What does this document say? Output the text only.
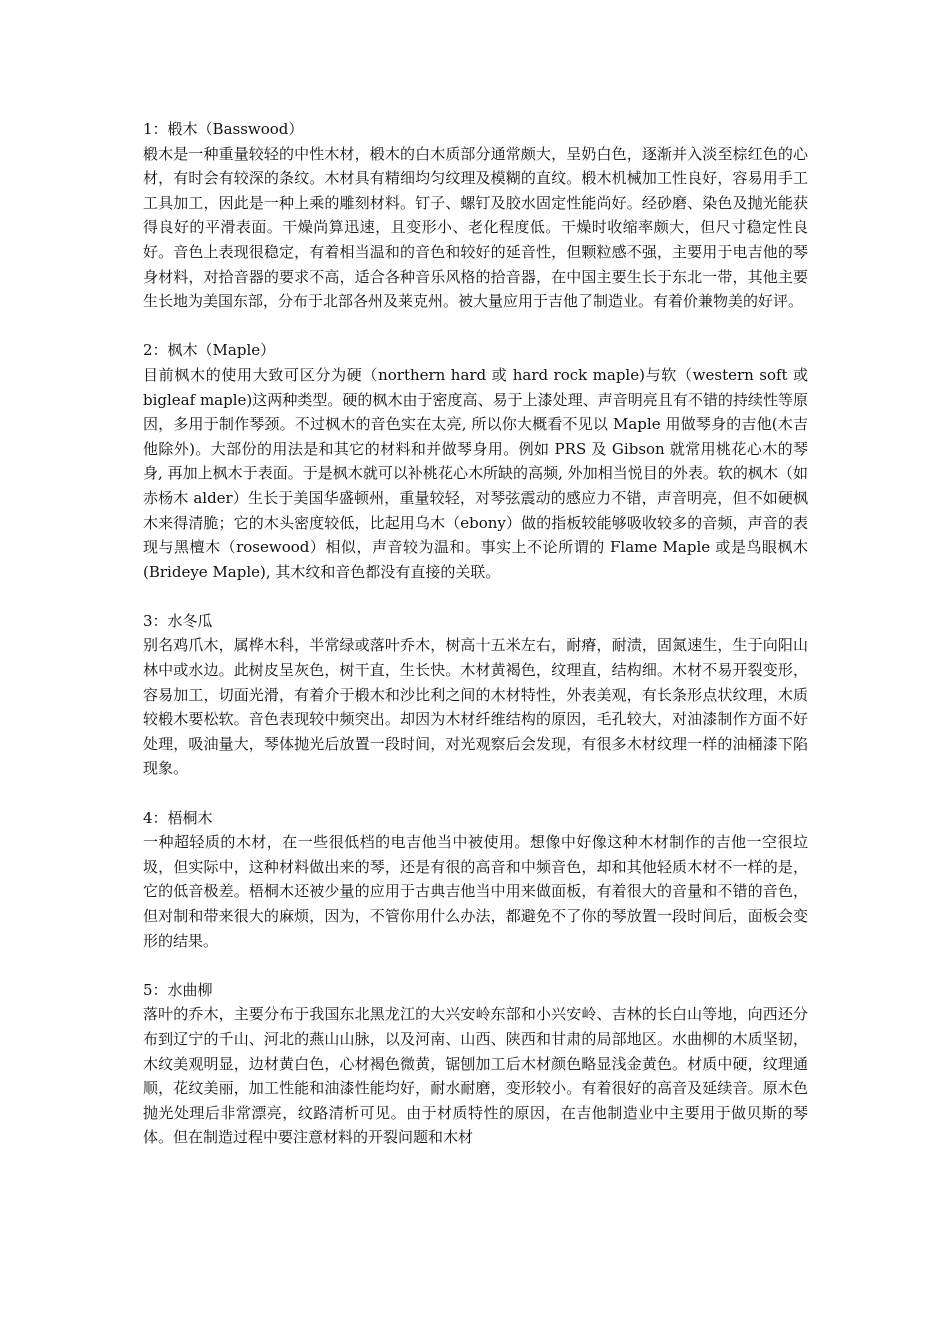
1：椴木（Basswood）

椴木是一种重量较轻的中性木材，椴木的白木质部分通常颇大，呈奶白色，逐渐并入淡至棕红色的心材，有时会有较深的条纹。木材具有精细均匀纹理及模糊的直纹。椴木机械加工性良好，容易用手工工具加工，因此是一种上乘的雕刻材料。钉子、螺钉及胶水固定性能尚好。经砂磨、染色及抛光能获得良好的平滑表面。干燥尚算迅速，且变形小、老化程度低。干燥时收缩率颇大，但尺寸稳定性良好。音色上表现很稳定，有着相当温和的音色和较好的延音性，但颗粒感不强，主要用于电吉他的琴身材料，对拾音器的要求不高，适合各种音乐风格的拾音器，在中国主要生长于东北一带，其他主要生长地为美国东部，分布于北部各州及莱克州。被大量应用于吉他了制造业。有着价兼物美的好评。

2：枫木（Maple）

目前枫木的使用大致可区分为硬（northern hard 或 hard rock maple)与软（western soft 或 bigleaf maple)这两种类型。硬的枫木由于密度高、易于上漆处理、声音明亮且有不错的持续性等原因，多用于制作琴颈。不过枫木的音色实在太亮, 所以你大概看不见以 Maple 用做琴身的吉他(木吉他除外)。大部份的用法是和其它的材料和并做琴身用。例如 PRS 及 Gibson 就常用桃花心木的琴身, 再加上枫木于表面。于是枫木就可以补桃花心木所缺的高频, 外加相当悦目的外表。软的枫木（如赤杨木 alder）生长于美国华盛顿州，重量较轻，对琴弦震动的感应力不错，声音明亮，但不如硬枫木来得清脆；它的木头密度较低，比起用乌木（ebony）做的指板较能够吸收较多的音频，声音的表现与黑檀木（rosewood）相似，声音较为温和。事实上不论所谓的 Flame Maple 或是鸟眼枫木 (Brideye Maple), 其木纹和音色都没有直接的关联。

3：水冬瓜

别名鸡爪木，属桦木科，半常绿或落叶乔木，树高十五米左右，耐瘠，耐渍，固氮速生，生于向阳山林中或水边。此树皮呈灰色，树干直，生长快。木材黄褐色，纹理直，结构细。木材不易开裂变形，容易加工，切面光滑，有着介于椴木和沙比利之间的木材特性，外表美观，有长条形点状纹理，木质较椴木要松软。音色表现较中频突出。却因为木材纤维结构的原因，毛孔较大，对油漆制作方面不好处理，吸油量大，琴体抛光后放置一段时间，对光观察后会发现，有很多木材纹理一样的油桶漆下陷现象。

4：梧桐木

一种超轻质的木材，在一些很低档的电吉他当中被使用。想像中好像这种木材制作的吉他一空很垃圾，但实际中，这种材料做出来的琴，还是有很的高音和中频音色，却和其他轻质木材不一样的是，它的低音极差。梧桐木还被少量的应用于古典吉他当中用来做面板，有着很大的音量和不错的音色，但对制和带来很大的麻烦，因为，不管你用什么办法，都避免不了你的琴放置一段时间后，面板会变形的结果。

5：水曲柳

落叶的乔木，主要分布于我国东北黑龙江的大兴安岭东部和小兴安岭、吉林的长白山等地，向西还分布到辽宁的千山、河北的燕山山脉，以及河南、山西、陕西和甘肃的局部地区。水曲柳的木质坚韧，木纹美观明显，边材黄白色，心材褐色微黄，锯刨加工后木材颜色略显浅金黄色。材质中硬，纹理通顺，花纹美丽，加工性能和油漆性能均好，耐水耐磨，变形较小。有着很好的高音及延续音。原木色抛光处理后非常漂亮，纹路清析可见。由于材质特性的原因，在吉他制造业中主要用于做贝斯的琴体。但在制造过程中要注意材料的开裂问题和木材
